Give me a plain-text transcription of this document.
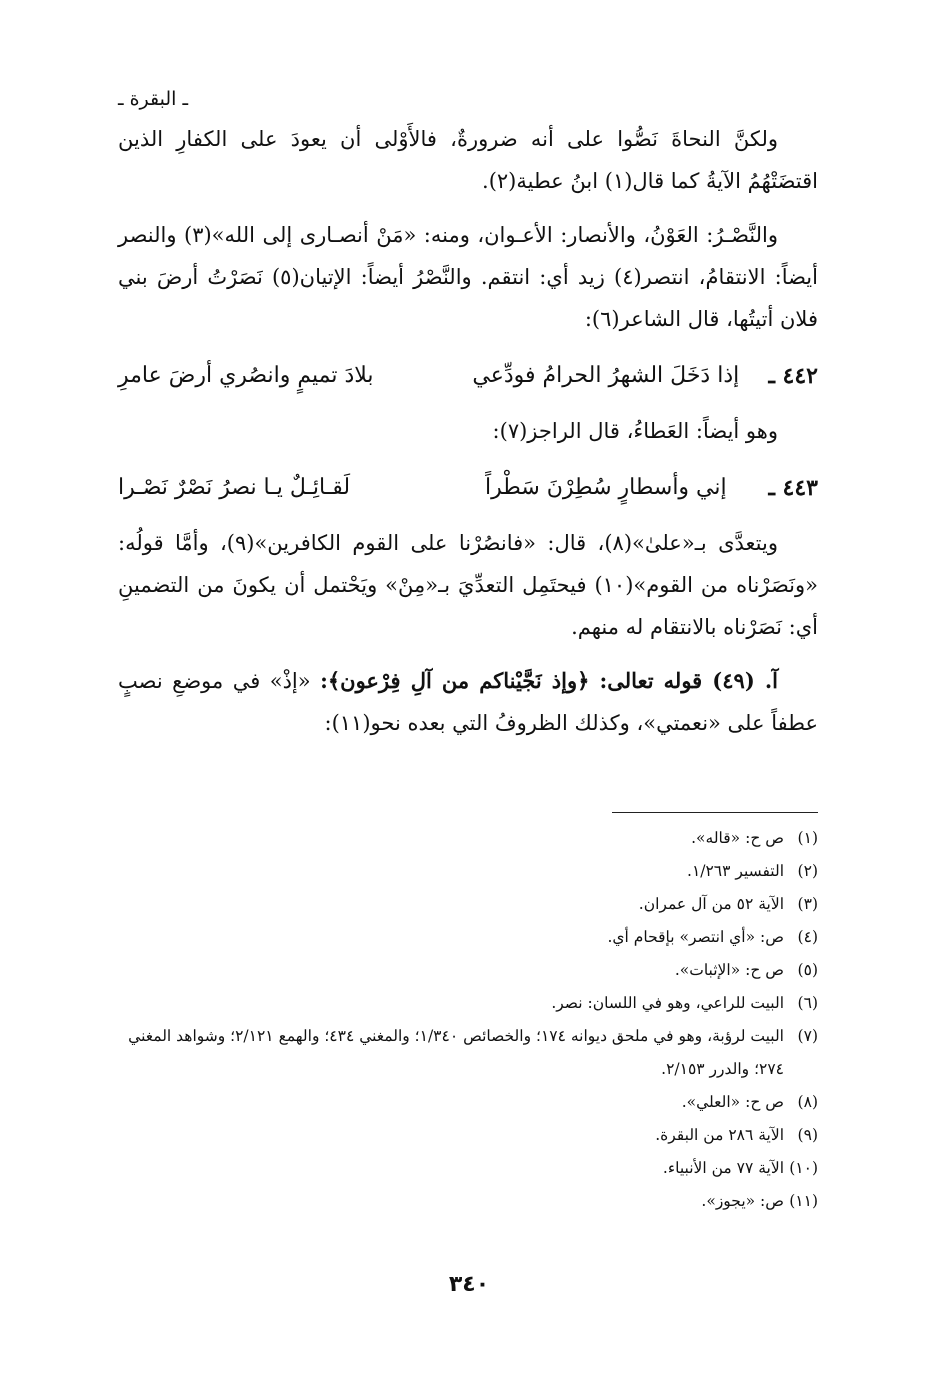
ـ البقرة ـ

ولكنَّ النحاةَ نَصُّوا على أنه ضرورةٌ، فالأَوْلى أن يعودَ على الكفارِ الذين اقتضَتْهُمُ الآيةُ كما قال(١) ابنُ عطية(٢).

والنَّصْـرُ: العَوْنُ، والأنصار: الأعـوان، ومنه: «مَنْ أنصـارى إلى الله»(٣) والنصر أيضاً: الانتقامُ، انتصر(٤) زيد أي: انتقم. والنَّصْرُ أيضاً: الإتيان(٥) نَصَرْتُ أرضَ بني فلان أتيتُها، قال الشاعر(٦):

٤٤٢ ـ
إذا دَخَلَ الشهرُ الحرامُ فودِّعي
بلادَ تميمٍ وانصُري أرضَ عامرِ

وهو أيضاً: العَطاءُ، قال الراجز(٧):

٤٤٣ ـ
إني وأسطارٍ سُطِرْنَ سَطْراً
لَقـائِـلٌ يـا نصرُ نَصْرٌ نَصْـرا

ويتعدَّى بـ«علىٰ»(٨)، قال: «فانصُرْنا على القوم الكافرين»(٩)، وأمَّا قولُه: «ونَصَرْناه من القوم»(١٠) فيحتَمِل التعدِّيَ بـ«مِنْ» ويَحْتمل أن يكونَ من التضمينِ أي: نَصَرْناه بالانتقام له منهم.

آ. (٤٩) قوله تعالى: ﴿وإذ نَجَّيْناكم من آلِ فِرْعون﴾: «إذْ» في موضعِ نصبٍ عطفاً على «نعمتي»، وكذلك الظروفُ التي بعده نحو(١١):

(١)
ص ح: «قاله».
(٢)
التفسير ١/٢٦٣.
(٣)
الآية ٥٢ من آل عمران.
(٤)
ص: «أي انتصر» بإقحام أي.
(٥)
ص ح: «الإثبات».
(٦)
البيت للراعي، وهو في اللسان: نصر.
(٧)
البيت لرؤبة، وهو في ملحق ديوانه ١٧٤؛ والخصائص ١/٣٤٠؛ والمغني ٤٣٤؛ والهمع ٢/١٢١؛ وشواهد المغني ٢٧٤؛ والدرر ٢/١٥٣.
(٨)
ص ح: «العلي».
(٩)
الآية ٢٨٦ من البقرة.
(١٠)
الآية ٧٧ من الأنبياء.
(١١)
ص: «يجوز».
٣٤٠
